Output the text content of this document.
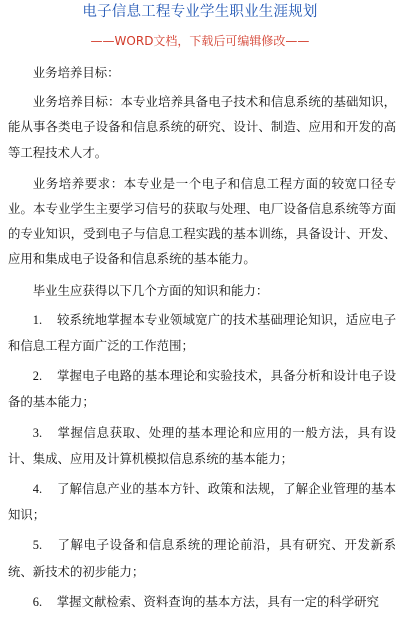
电子信息工程专业学生职业生涯规划
——WORD文档，下载后可编辑修改——

业务培养目标：

业务培养目标：本专业培养具备电子技术和信息系统的基础知识，能从事各类电子设备和信息系统的研究、设计、制造、应用和开发的高等工程技术人才。

业务培养要求：本专业是一个电子和信息工程方面的较宽口径专业。本专业学生主要学习信号的获取与处理、电厂设备信息系统等方面的专业知识，受到电子与信息工程实践的基本训练，具备设计、开发、应用和集成电子设备和信息系统的基本能力。

毕业生应获得以下几个方面的知识和能力：

1. 较系统地掌握本专业领域宽广的技术基础理论知识，适应电子和信息工程方面广泛的工作范围；

2. 掌握电子电路的基本理论和实验技术，具备分析和设计电子设备的基本能力；

3. 掌握信息获取、处理的基本理论和应用的一般方法，具有设计、集成、应用及计算机模拟信息系统的基本能力；

4. 了解信息产业的基本方针、政策和法规，了解企业管理的基本知识；

5. 了解电子设备和信息系统的理论前沿，具有研究、开发新系统、新技术的初步能力；

6. 掌握文献检索、资料查询的基本方法，具有一定的科学研究
